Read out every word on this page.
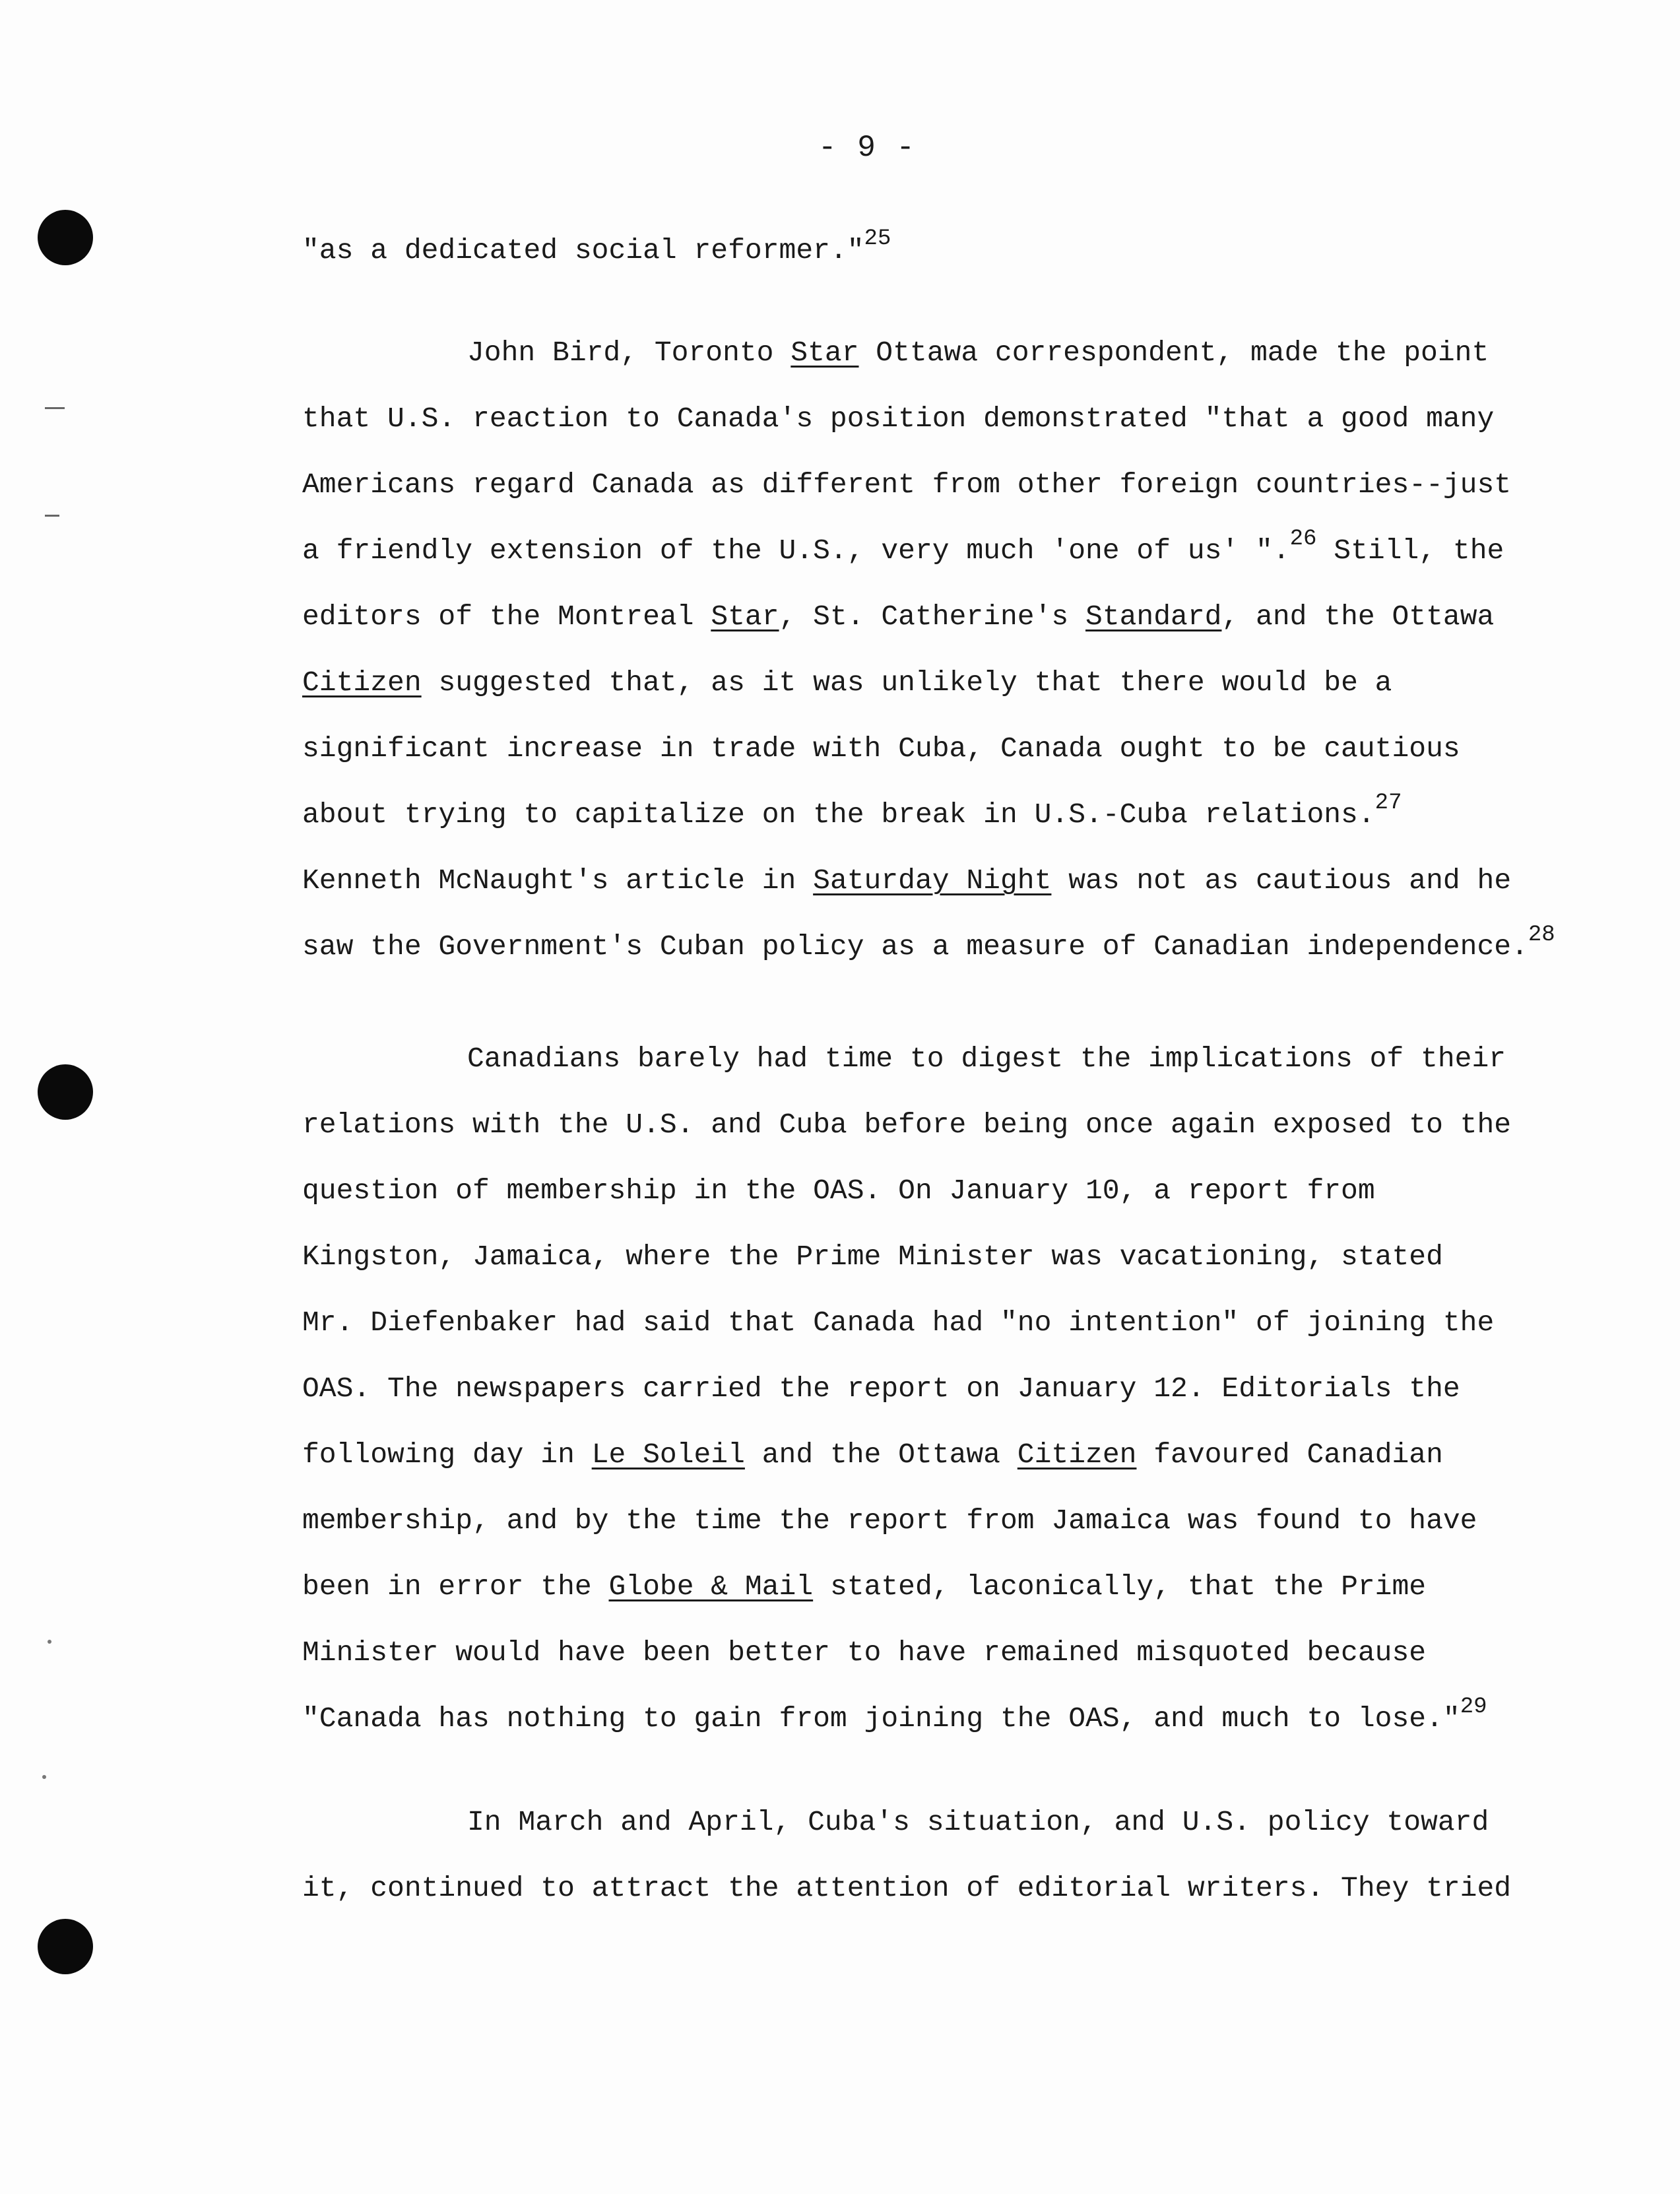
- 9 -
"as a dedicated social reformer."$^{25}$
John Bird, Toronto Star Ottawa correspondent, made the point
that U.S. reaction to Canada's position demonstrated "that a good many
Americans regard Canada as different from other foreign countries--just
a friendly extension of the U.S., very much 'one of us' ".$^{26}$ Still, the
editors of the Montreal Star, St. Catherine's Standard, and the Ottawa
Citizen suggested that, as it was unlikely that there would be a
significant increase in trade with Cuba, Canada ought to be cautious
about trying to capitalize on the break in U.S.-Cuba relations.$^{27}$
Kenneth McNaught's article in Saturday Night was not as cautious and he
saw the Government's Cuban policy as a measure of Canadian independence.$^{28}$
Canadians barely had time to digest the implications of their
relations with the U.S. and Cuba before being once again exposed to the
question of membership in the OAS. On January 10, a report from
Kingston, Jamaica, where the Prime Minister was vacationing, stated
Mr. Diefenbaker had said that Canada had "no intention" of joining the
OAS. The newspapers carried the report on January 12. Editorials the
following day in Le Soleil and the Ottawa Citizen favoured Canadian
membership, and by the time the report from Jamaica was found to have
been in error the Globe & Mail stated, laconically, that the Prime
Minister would have been better to have remained misquoted because
"Canada has nothing to gain from joining the OAS, and much to lose."$^{29}$
In March and April, Cuba's situation, and U.S. policy toward
it, continued to attract the attention of editorial writers. They tried
